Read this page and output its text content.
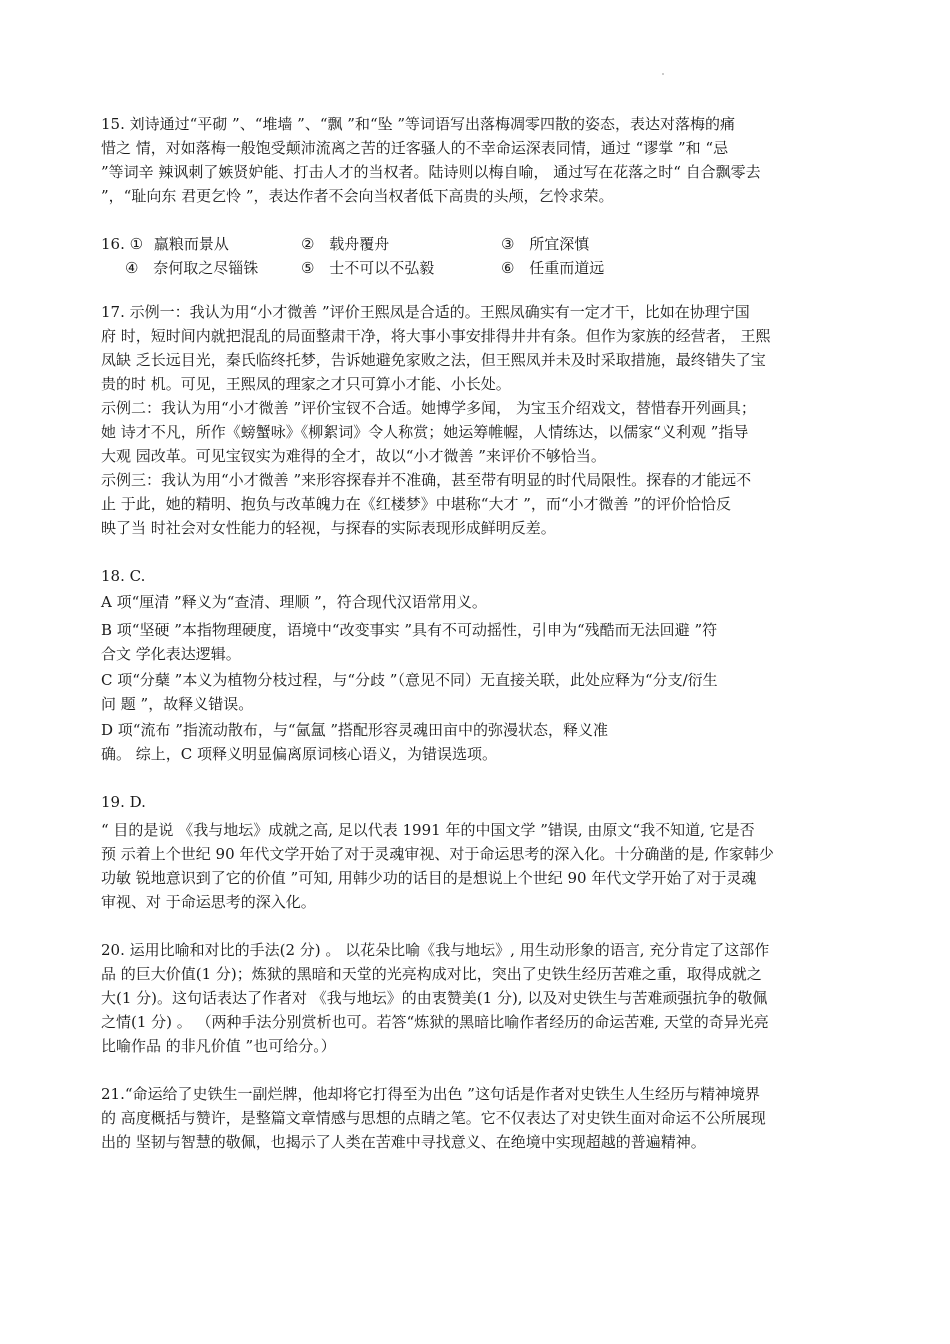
15. 刘诗通过“平砌 ”、“堆墙 ”、“飘 ”和“坠 ”等词语写出落梅凋零四散的姿态，表达对落梅的痛
惜之 情，对如落梅一般饱受颠沛流离之苦的迁客骚人的不幸命运深表同情，通过 “谬掌 ”和 “忌
”等词辛 辣讽刺了嫉贤妒能、打击人才的当权者。陆诗则以梅自喻， 通过写在花落之时“ 自合飘零去
”，“耻向东 君更乞怜 ”，表达作者不会向当权者低下高贵的头颅，乞怜求荣。
16. ① 羸粮而景从	② 载舟覆舟	③ 所宜深慎
④ 奈何取之尽锱铢	⑤ 士不可以不弘毅	⑥ 任重而道远
17. 示例一：我认为用“小才微善 ”评价王熙凤是合适的。王熙凤确实有一定才干，比如在协理宁国
府 时，短时间内就把混乱的局面整肃干净，将大事小事安排得井井有条。但作为家族的经营者， 王熙
凤缺 乏长远目光，秦氏临终托梦，告诉她避免家败之法，但王熙凤并未及时采取措施，最终错失了宝
贵的时 机。可见，王熙凤的理家之才只可算小才能、小长处。
示例二：我认为用“小才微善 ”评价宝钗不合适。她博学多闻， 为宝玉介绍戏文，替惜春开列画具；
她 诗才不凡，所作《螃蟹咏》《柳絮词》令人称赏；她运筹帷幄，人情练达，以儒家“义利观 ”指导
大观 园改革。可见宝钗实为难得的全才，故以“小才微善 ”来评价不够恰当。
示例三：我认为用“小才微善 ”来形容探春并不准确，甚至带有明显的时代局限性。探春的才能远不
止 于此，她的精明、抱负与改革魄力在《红楼梦》中堪称“大才 ”，而“小才微善 ”的评价恰恰反
映了当 时社会对女性能力的轻视，与探春的实际表现形成鲜明反差。
18. C.
A 项“厘清 ”释义为“查清、理顺 ”，符合现代汉语常用义。
B 项“坚硬 ”本指物理硬度，语境中“改变事实 ”具有不可动摇性，引申为“残酷而无法回避 ”符
合文 学化表达逻辑。
C 项“分蘖 ”本义为植物分枝过程，与“分歧 ”（意见不同）无直接关联，此处应释为“分支/衍生
问 题 ”，故释义错误。
D 项“流布 ”指流动散布，与“氤氲 ”搭配形容灵魂田亩中的弥漫状态，释义准
确。 综上，C 项释义明显偏离原词核心语义，为错误选项。
19. D.
“ 目的是说 《我与地坛》成就之高, 足以代表 1991 年的中国文学 ”错误, 由原文“我不知道, 它是否
预 示着上个世纪 90 年代文学开始了对于灵魂审视、对于命运思考的深入化。十分确凿的是, 作家韩少
功敏 锐地意识到了它的价值 ”可知, 用韩少功的话目的是想说上个世纪 90 年代文学开始了对于灵魂
审视、对 于命运思考的深入化。
20. 运用比喻和对比的手法(2 分) 。 以花朵比喻《我与地坛》, 用生动形象的语言, 充分肯定了这部作
品 的巨大价值(1 分)；炼狱的黑暗和天堂的光亮构成对比，突出了史铁生经历苦难之重，取得成就之
大(1 分)。这句话表达了作者对 《我与地坛》的由衷赞美(1 分), 以及对史铁生与苦难顽强抗争的敬佩
之情(1 分) 。 （两种手法分别赏析也可。若答“炼狱的黑暗比喻作者经历的命运苦难, 天堂的奇异光亮
比喻作品 的非凡价值 ”也可给分。）
21.“命运给了史铁生一副烂牌，他却将它打得至为出色 ”这句话是作者对史铁生人生经历与精神境界
的 高度概括与赞许，是整篇文章情感与思想的点睛之笔。它不仅表达了对史铁生面对命运不公所展现
出的 坚韧与智慧的敬佩，也揭示了人类在苦难中寻找意义、在绝境中实现超越的普遍精神。
